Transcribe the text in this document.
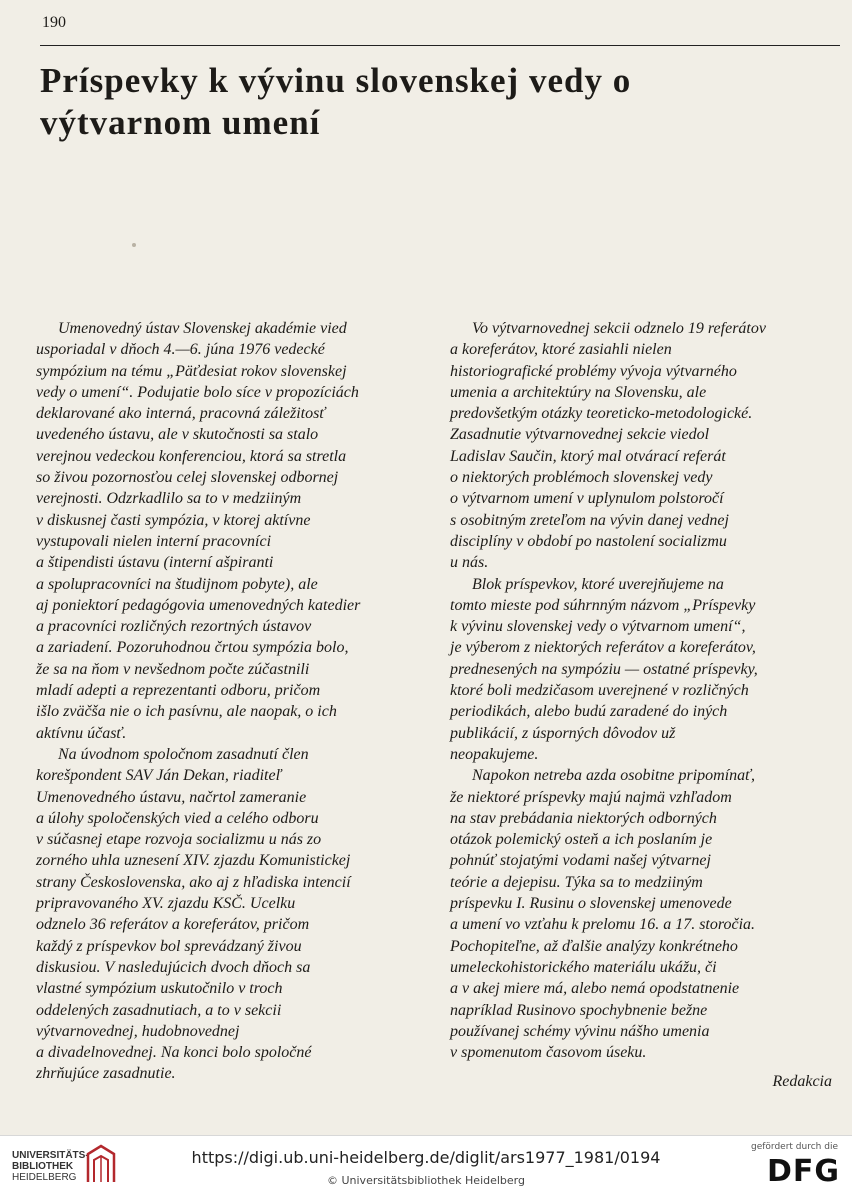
190
Príspevky k vývinu slovenskej vedy o výtvarnom umení

Umenovedný ústav Slovenskej akadémie vied
usporiadal v dňoch 4.—6. júna 1976 vedecké
sympózium na tému „Päťdesiat rokov slovenskej
vedy o umení“. Podujatie bolo síce v propozíciách
deklarované ako interná, pracovná záležitosť
uvedeného ústavu, ale v skutočnosti sa stalo
verejnou vedeckou konferenciou, ktorá sa stretla
so živou pozornosťou celej slovenskej odbornej
verejnosti. Odzrkadlilo sa to v medziiným
v diskusnej časti sympózia, v ktorej aktívne
vystupovali nielen interní pracovníci
a štipendisti ústavu (interní ašpiranti
a spolupracovníci na študijnom pobyte), ale
aj poniektorí pedagógovia umenovedných katedier
a pracovníci rozličných rezortných ústavov
a zariadení. Pozoruhodnou črtou sympózia bolo,
že sa na ňom v nevšednom počte zúčastnili
mladí adepti a reprezentanti odboru, pričom
išlo zväčša nie o ich pasívnu, ale naopak, o ich
aktívnu účasť.

Na úvodnom spoločnom zasadnutí člen
korešpondent SAV Ján Dekan, riaditeľ
Umenovedného ústavu, načrtol zameranie
a úlohy spoločenských vied a celého odboru
v súčasnej etape rozvoja socializmu u nás zo
zorného uhla uznesení XIV. zjazdu Komunistickej
strany Československa, ako aj z hľadiska intencií
pripravovaného XV. zjazdu KSČ. Ucelku
odznelo 36 referátov a koreferátov, pričom
každý z príspevkov bol sprevádzaný živou
diskusiou. V nasledujúcich dvoch dňoch sa
vlastné sympózium uskutočnilo v troch
oddelených zasadnutiach, a to v sekcii
výtvarnovednej, hudobnovednej
a divadelnovednej. Na konci bolo spoločné
zhrňujúce zasadnutie.

Vo výtvarnovednej sekcii odznelo 19 referátov
a koreferátov, ktoré zasiahli nielen
historiografické problémy vývoja výtvarného
umenia a architektúry na Slovensku, ale
predovšetkým otázky teoreticko-metodologické.
Zasadnutie výtvarnovednej sekcie viedol
Ladislav Saučin, ktorý mal otvárací referát
o niektorých problémoch slovenskej vedy
o výtvarnom umení v uplynulom polstoročí
s osobitným zreteľom na vývin danej vednej
disciplíny v období po nastolení socializmu
u nás.

Blok príspevkov, ktoré uverejňujeme na
tomto mieste pod súhrnným názvom „Príspevky
k vývinu slovenskej vedy o výtvarnom umení“,
je výberom z niektorých referátov a koreferátov,
prednesených na sympóziu — ostatné príspevky,
ktoré boli medzičasom uverejnené v rozličných
periodikách, alebo budú zaradené do iných
publikácií, z úsporných dôvodov už
neopakujeme.

Napokon netreba azda osobitne pripomínať,
že niektoré príspevky majú najmä vzhľadom
na stav prebádania niektorých odborných
otázok polemický osteň a ich poslaním je
pohnúť stojatými vodami našej výtvarnej
teórie a dejepisu. Týka sa to medziiným
príspevku I. Rusinu o slovenskej umenovede
a umení vo vzťahu k prelomu 16. a 17. storočia.
Pochopiteľne, až ďalšie analýzy konkrétneho
umeleckohistorického materiálu ukážu, či
a v akej miere má, alebo nemá opodstatnenie
napríklad Rusinovo spochybnenie bežne
používanej schémy vývinu nášho umenia
v spomenutom časovom úseku.

Redakcia
UNIVERSITÄTS-
BIBLIOTHEK
HEIDELBERG
https://digi.ub.uni-heidelberg.de/diglit/ars1977_1981/0194
© Universitätsbibliothek Heidelberg
gefördert durch die
DFG
